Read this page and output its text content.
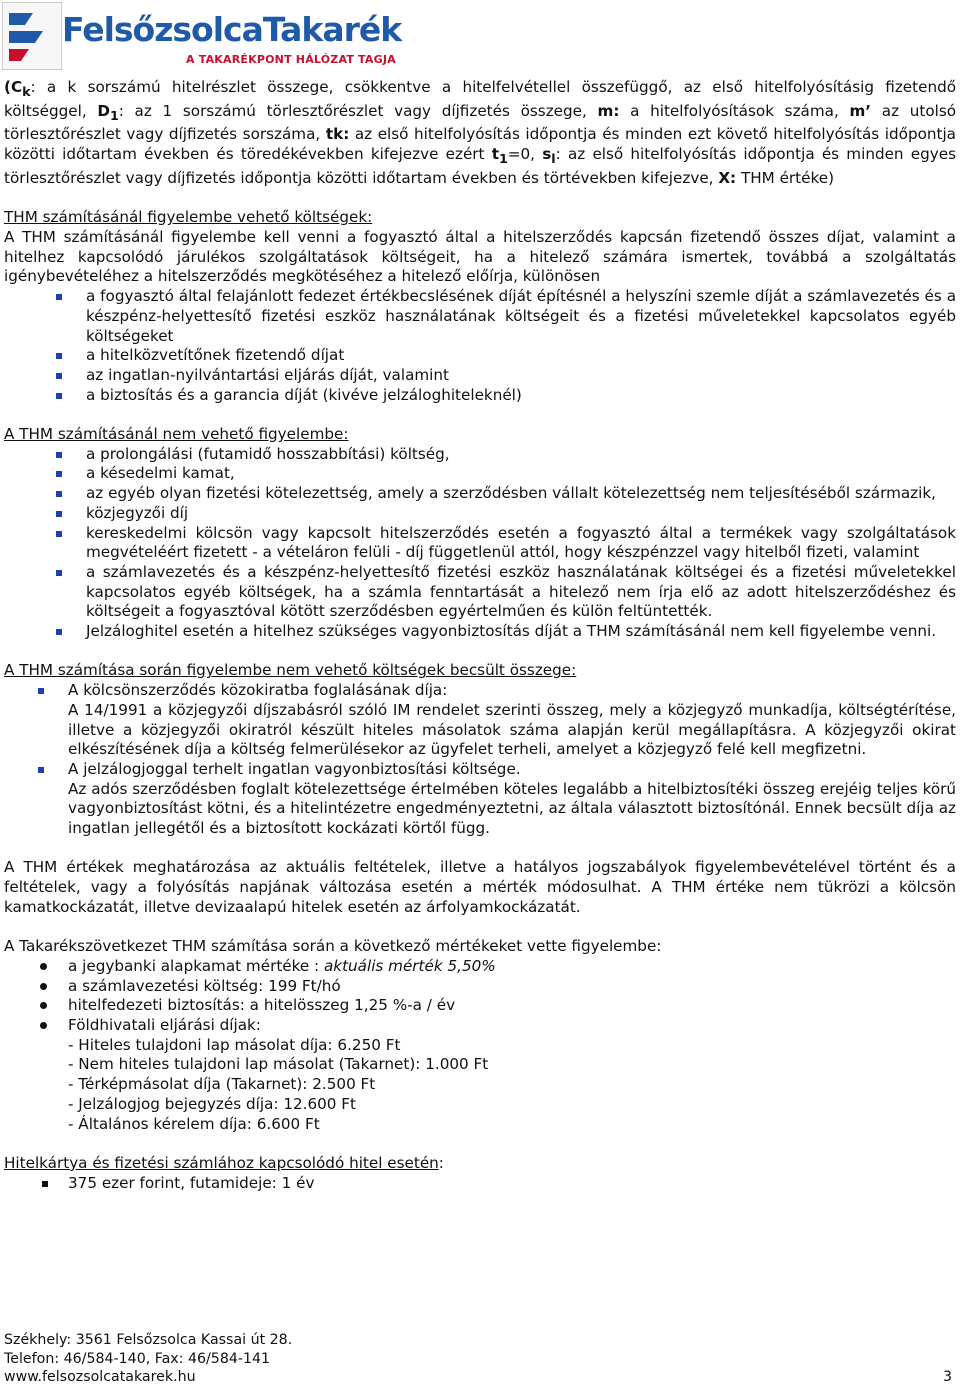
FelsőzsolcaTakarék
A TAKARÉKPONT HÁLÓZAT TAGJA

($C_k$: a k sorszámú hitelrészlet összege, csökkentve a hitelfelvétellel összefüggő, az első hitelfolyósításig fizetendő költséggel, $D_1$: az 1 sorszámú törlesztőrészlet vagy díjfizetés összege, m: a hitelfolyósítások száma, m’ az utolsó törlesztőrészlet vagy díjfizetés sorszáma, tk: az első hitelfolyósítás időpontja és minden ezt követő hitelfolyósítás időpontja közötti időtartam években és töredékévekben kifejezve ezért $t_1=0$, $s_l$: az első hitelfolyósítás időpontja és minden egyes törlesztőrészlet vagy díjfizetés időpontja közötti időtartam években és törtévekben kifejezve, X: THM értéke)

THM számításánál figyelembe vehető költségek:

A THM számításánál figyelembe kell venni a fogyasztó által a hitelszerződés kapcsán fizetendő összes díjat, valamint a hitelhez kapcsolódó járulékos szolgáltatások költségeit, ha a hitelező számára ismertek, továbbá a szolgáltatás igénybevételéhez a hitelszerződés megkötéséhez a hitelező előírja, különösen

a fogyasztó által felajánlott fedezet értékbecslésének díját építésnél a helyszíni szemle díját a számlavezetés és a készpénz-helyettesítő fizetési eszköz használatának költségeit és a fizetési műveletekkel kapcsolatos egyéb költségeket
a hitelközvetítőnek fizetendő díjat
az ingatlan-nyilvántartási eljárás díját, valamint
a biztosítás és a garancia díját (kivéve jelzáloghiteleknél)

A THM számításánál nem vehető figyelembe:

a prolongálási (futamidő hosszabbítási) költség,
a késedelmi kamat,
az egyéb olyan fizetési kötelezettség, amely a szerződésben vállalt kötelezettség nem teljesítéséből származik,
közjegyzői díj
kereskedelmi kölcsön vagy kapcsolt hitelszerződés esetén a fogyasztó által a termékek vagy szolgáltatások megvételéért fizetett - a vételáron felüli - díj függetlenül attól, hogy készpénzzel vagy hitelből fizeti, valamint
a számlavezetés és a készpénz-helyettesítő fizetési eszköz használatának költségei és a fizetési műveletekkel kapcsolatos egyéb költségek, ha a számla fenntartását a hitelező nem írja elő az adott hitelszerződéshez és költségeit a fogyasztóval kötött szerződésben egyértelműen és külön feltüntették.
Jelzáloghitel esetén a hitelhez szükséges vagyonbiztosítás díját a THM számításánál nem kell figyelembe venni.

A THM számítása során figyelembe nem vehető költségek becsült összege:

A kölcsönszerződés közokiratba foglalásának díja:
A 14/1991 a közjegyzői díjszabásról szóló IM rendelet szerinti összeg, mely a közjegyző munkadíja, költségtérítése, illetve a közjegyzői okiratról készült hiteles másolatok száma alapján kerül megállapításra. A közjegyzői okirat elkészítésének díja a költség felmerülésekor az ügyfelet terheli, amelyet a közjegyző felé kell megfizetni.
A jelzálogjoggal terhelt ingatlan vagyonbiztosítási költsége.
Az adós szerződésben foglalt kötelezettsége értelmében köteles legalább a hitelbiztosítéki összeg erejéig teljes körű vagyonbiztosítást kötni, és a hitelintézetre engedményeztetni, az általa választott biztosítónál. Ennek becsült díja az ingatlan jellegétől és a biztosított kockázati körtől függ.

A THM értékek meghatározása az aktuális feltételek, illetve a hatályos jogszabályok figyelembevételével történt és a feltételek, vagy a folyósítás napjának változása esetén a mérték módosulhat. A THM értéke nem tükrözi a kölcsön kamatkockázatát, illetve devizaalapú hitelek esetén az árfolyamkockázatát.

A Takarékszövetkezet THM számítása során a következő mértékeket vette figyelembe:

a jegybanki alapkamat mértéke : aktuális mérték 5,50%
a számlavezetési költség: 199 Ft/hó
hitelfedezeti biztosítás: a hitelösszeg 1,25 %-a / év
Földhivatali eljárási díjak:
- Hiteles tulajdoni lap másolat díja: 6.250 Ft
- Nem hiteles tulajdoni lap másolat (Takarnet): 1.000 Ft
- Térképmásolat díja (Takarnet): 2.500 Ft
- Jelzálogjog bejegyzés díja: 12.600 Ft
- Általános kérelem díja: 6.600 Ft

Hitelkártya és fizetési számlához kapcsolódó hitel esetén:

375 ezer forint, futamideje: 1 év
Székhely: 3561 Felsőzsolca Kassai út 28.
Telefon: 46/584-140, Fax: 46/584-141
www.felsozsolcatakarek.hu	3
